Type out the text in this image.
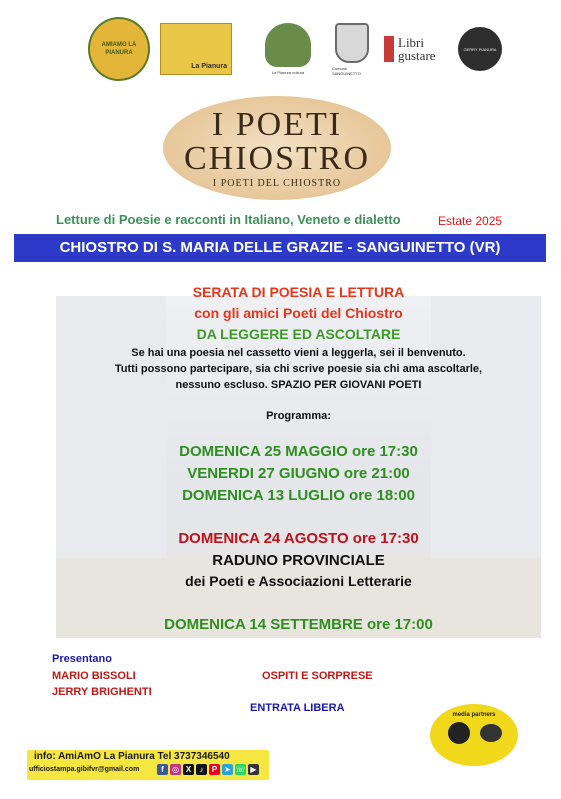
AMIAMO LA PIANURA
La Pianura
La Pianura cultura
Comune SANGUINETTO
Libri
gustare	GERRY PIANURA
I POETI
CHIOSTRO
I POETI DEL CHIOSTRO
Letture di Poesie e racconti in Italiano, Veneto e dialetto	Estate 2025
CHIOSTRO DI S. MARIA DELLE GRAZIE - SANGUINETTO (VR)
SERATA DI POESIA E LETTURA
con gli amici Poeti del Chiostro
DA LEGGERE ED ASCOLTARE
Se hai una poesia nel cassetto vieni a leggerla, sei il benvenuto.
Tutti possono partecipare, sia chi scrive poesie sia chi ama ascoltarle,
nessuno escluso. SPAZIO PER GIOVANI POETI
Programma:
DOMENICA 25 MAGGIO ore 17:30
VENERDI 27 GIUGNO ore 21:00
DOMENICA 13 LUGLIO ore 18:00
DOMENICA 24 AGOSTO ore 17:30
RADUNO PROVINCIALE
dei Poeti e Associazioni Letterarie
DOMENICA 14 SETTEMBRE ore 17:00
Presentano
MARIO BISSOLI
JERRY BRIGHENTI
OSPITI E SORPRESE
ENTRATA LIBERA
media partners
info: AmiAmO La Pianura Tel 3737346540
ufficiostampa.gibifvr@gmail.com	f	◎ X	♪	P ➤ ☏ ▶
